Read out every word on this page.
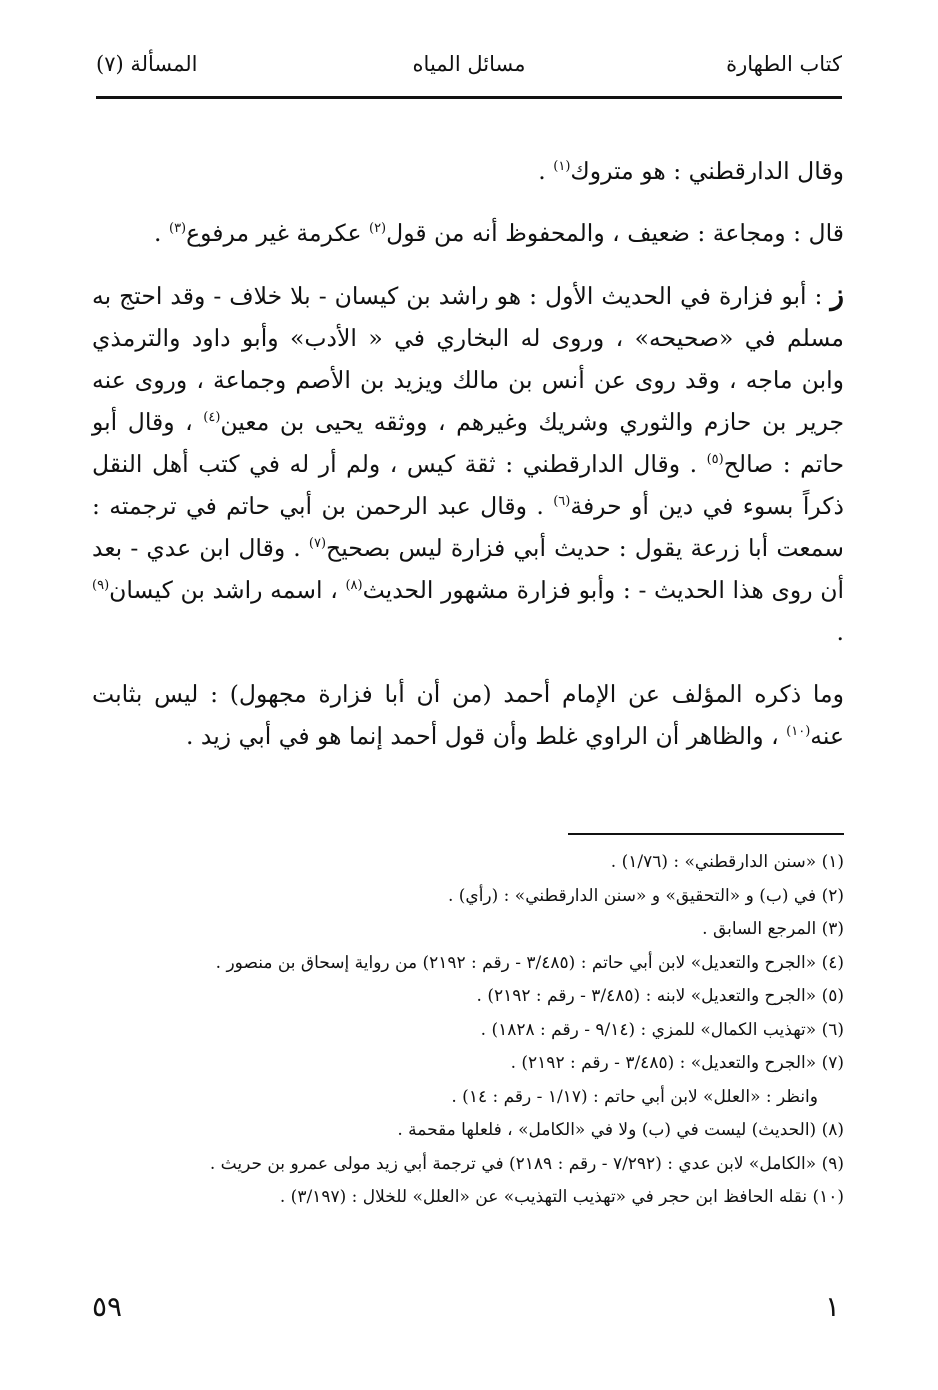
كتاب الطهارة
مسائل المياه
المسألة (٧)

وقال الدارقطني : هو متروك$^{(١)}$ .

قال : ومجاعة : ضعيف ، والمحفوظ أنه من قول$^{(٢)}$ عكرمة غير مرفوع$^{(٣)}$ .

ز : أبو فزارة في الحديث الأول : هو راشد بن كيسان - بلا خلاف - وقد احتج به مسلم في «صحيحه» ، وروى له البخاري في « الأدب» وأبو داود والترمذي وابن ماجه ، وقد روى عن أنس بن مالك ويزيد بن الأصم وجماعة ، وروى عنه جرير بن حازم والثوري وشريك وغيرهم ، ووثقه يحيى بن معين$^{(٤)}$ ، وقال أبو حاتم : صالح$^{(٥)}$ . وقال الدارقطني : ثقة كيس ، ولم أر له في كتب أهل النقل ذكراً بسوء في دين أو حرفة$^{(٦)}$ . وقال عبد الرحمن بن أبي حاتم في ترجمته : سمعت أبا زرعة يقول : حديث أبي فزارة ليس بصحيح$^{(٧)}$ . وقال ابن عدي - بعد أن روى هذا الحديث - : وأبو فزارة مشهور الحديث$^{(٨)}$ ، اسمه راشد بن كيسان$^{(٩)}$ .

وما ذكره المؤلف عن الإمام أحمد (من أن أبا فزارة مجهول) : ليس بثابت عنه$^{(١٠)}$ ، والظاهر أن الراوي غلط وأن قول أحمد إنما هو في أبي زيد .

(١) «سنن الدارقطني» : (١/٧٦) .

(٢) في (ب) و «التحقيق» و «سنن الدارقطني» : (رأي) .

(٣) المرجع السابق .

(٤) «الجرح والتعديل» لابن أبي حاتم : (٣/٤٨٥ - رقم : ٢١٩٢) من رواية إسحاق بن منصور .

(٥) «الجرح والتعديل» لابنه : (٣/٤٨٥ - رقم : ٢١٩٢) .

(٦) «تهذيب الكمال» للمزي : (٩/١٤ - رقم : ١٨٢٨) .

(٧) «الجرح والتعديل» : (٣/٤٨٥ - رقم : ٢١٩٢) .

وانظر : «العلل» لابن أبي حاتم : (١/١٧ - رقم : ١٤) .

(٨) (الحديث) ليست في (ب) ولا في «الكامل» ، فلعلها مقحمة .

(٩) «الكامل» لابن عدي : (٧/٢٩٢ - رقم : ٢١٨٩) في ترجمة أبي زيد مولى عمرو بن حريث .

(١٠) نقله الحافظ ابن حجر في «تهذيب التهذيب» عن «العلل» للخلال : (٣/١٩٧) .

١
٥٩
